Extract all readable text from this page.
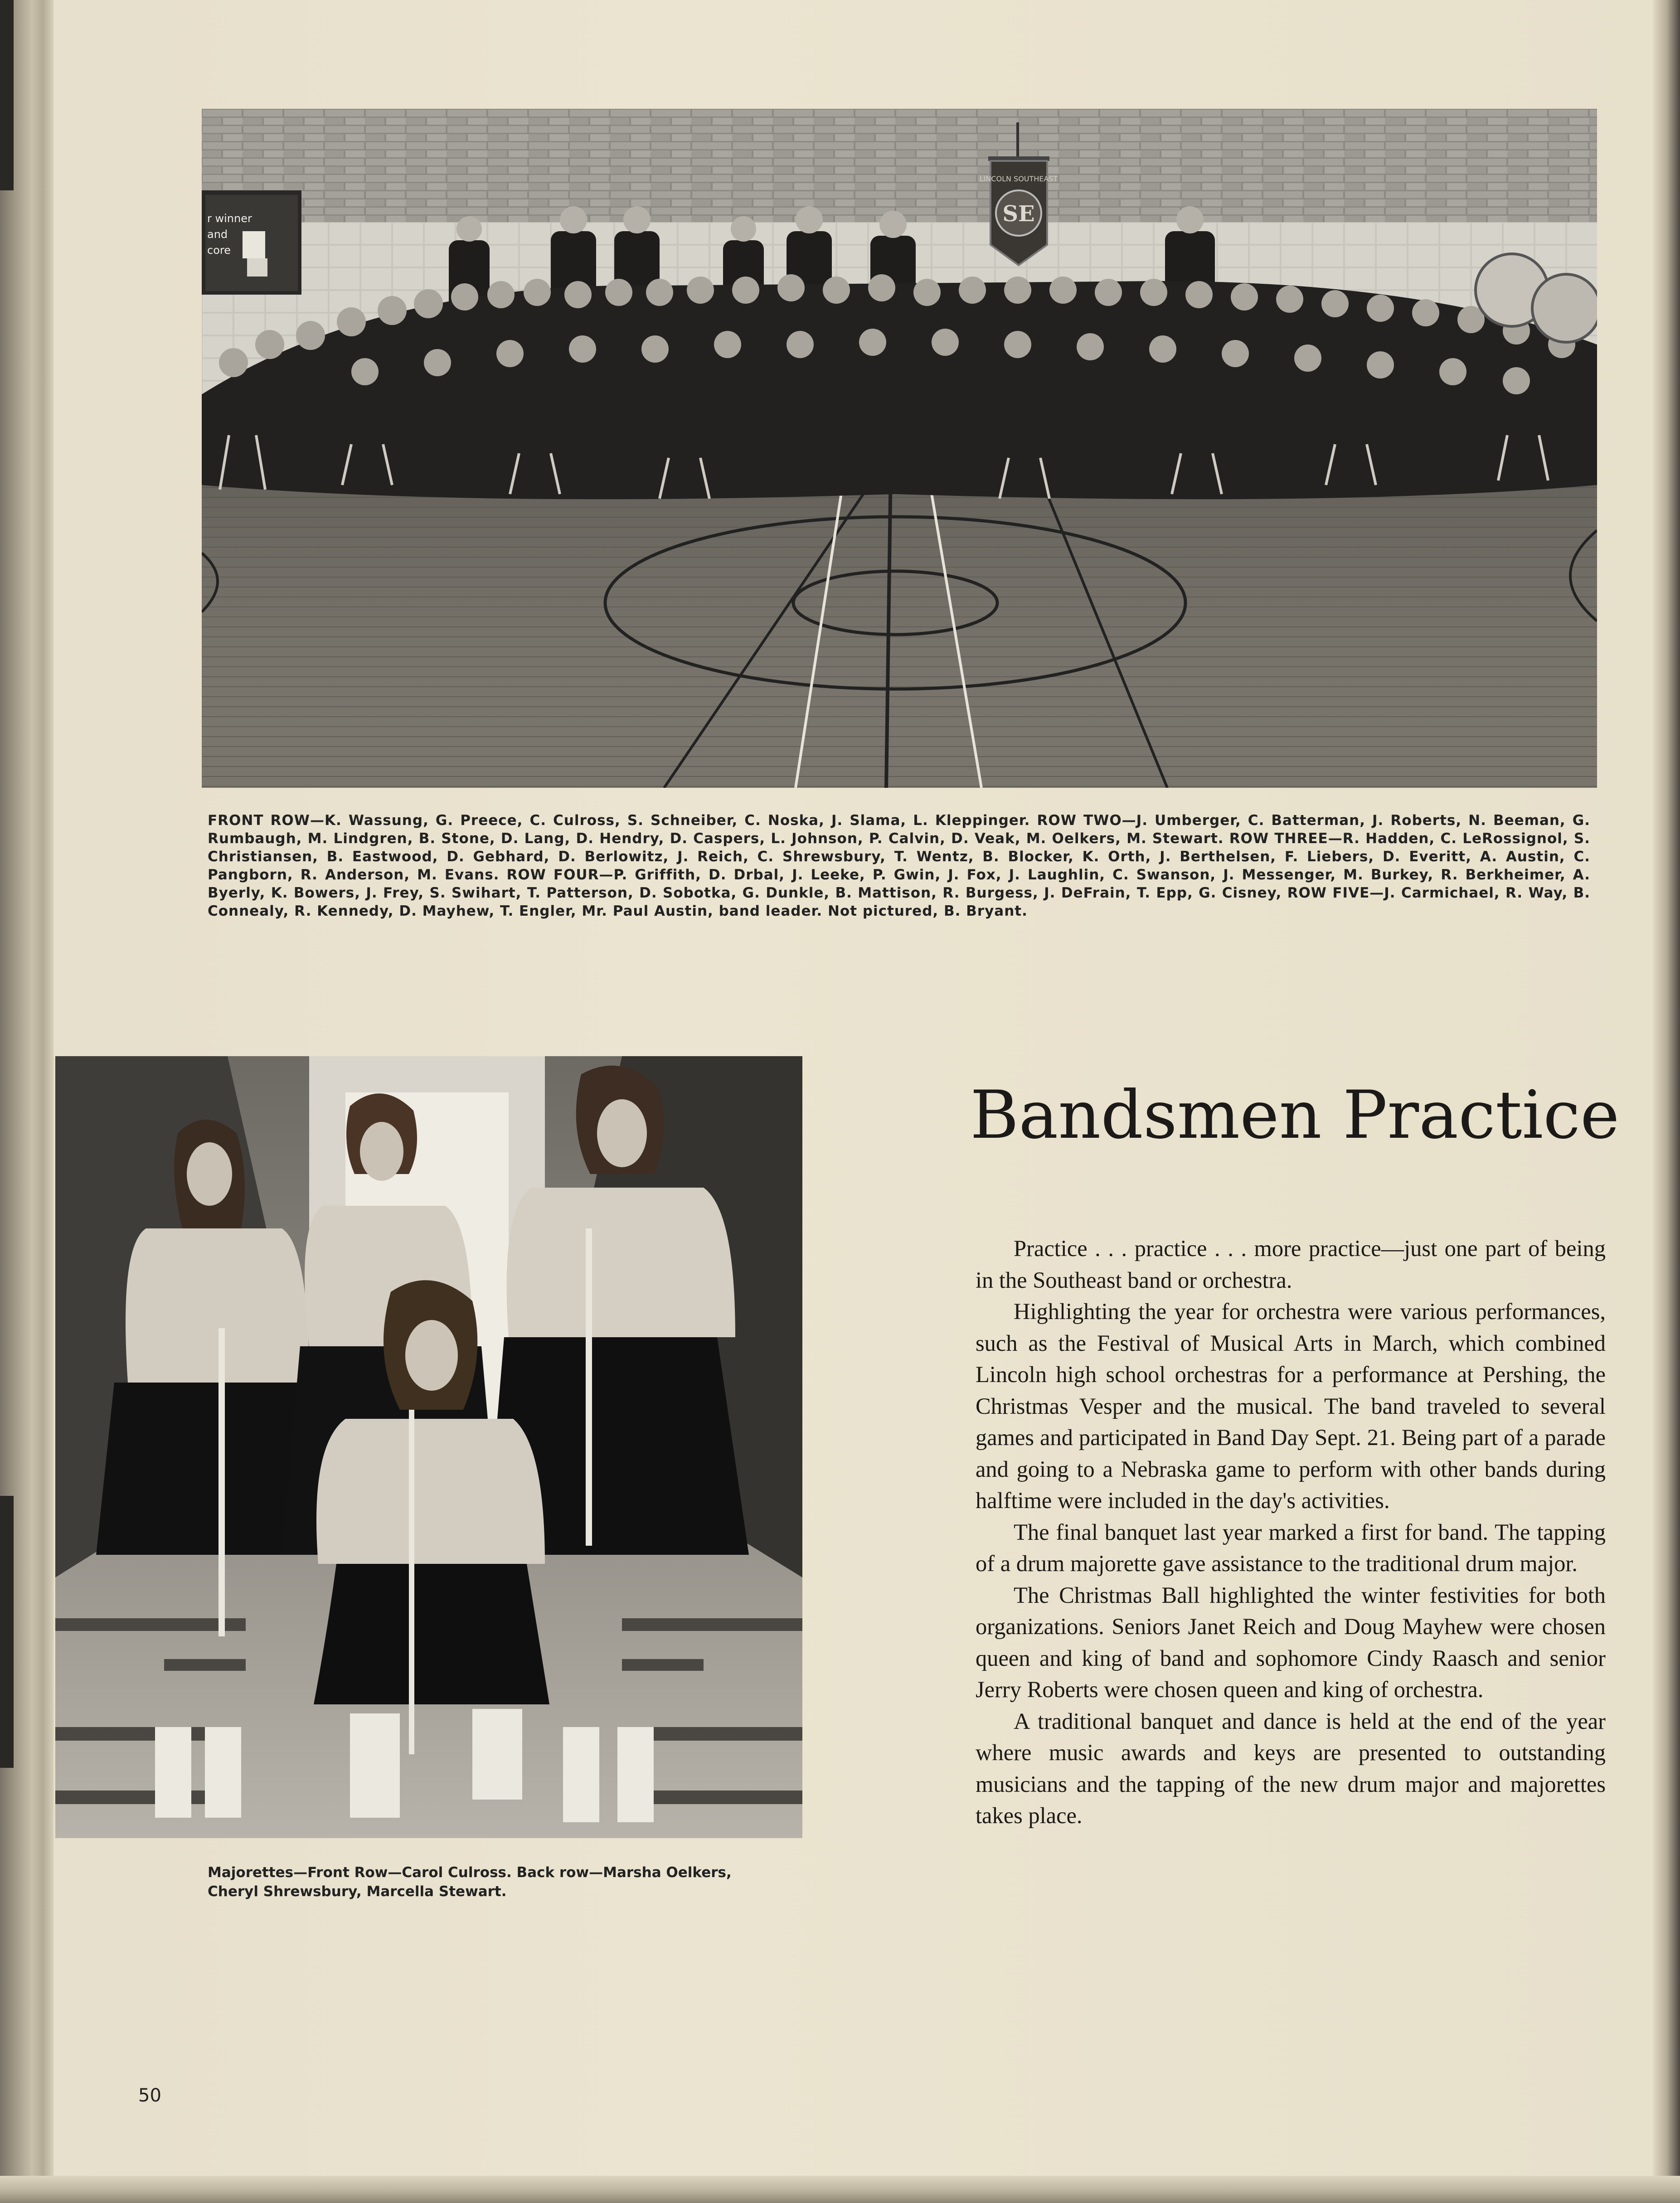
r winner
and
core
SE
LINCOLN SOUTHEAST
FRONT ROW—K. Wassung, G. Preece, C. Culross, S. Schneiber, C. Noska, J. Slama, L. Kleppinger. ROW TWO—J. Umberger, C. Batterman, J. Roberts, N. Beeman, G. Rumbaugh, M. Lindgren, B. Stone, D. Lang, D. Hendry, D. Caspers, L. Johnson, P. Calvin, D. Veak, M. Oelkers, M. Stewart. ROW THREE—R. Hadden, C. LeRossignol, S. Christiansen, B. Eastwood, D. Gebhard, D. Berlowitz, J. Reich, C. Shrewsbury, T. Wentz, B. Blocker, K. Orth, J. Berthelsen, F. Liebers, D. Everitt, A. Austin, C. Pangborn, R. Anderson, M. Evans. ROW FOUR—P. Griffith, D. Drbal, J. Leeke, P. Gwin, J. Fox, J. Laughlin, C. Swanson, J. Messenger, M. Burkey, R. Berkheimer, A. Byerly, K. Bowers, J. Frey, S. Swihart, T. Patterson, D. Sobotka, G. Dunkle, B. Mattison, R. Burgess, J. DeFrain, T. Epp, G. Cisney, ROW FIVE—J. Carmichael, R. Way, B. Connealy, R. Kennedy, D. Mayhew, T. Engler, Mr. Paul Austin, band leader. Not pictured, B. Bryant.
Majorettes—Front Row—Carol Culross. Back row—Marsha Oelkers, Cheryl Shrewsbury, Marcella Stewart.
Bandsmen Practice

Practice . . . practice . . . more practice—just one part of being in the Southeast band or orchestra.

Highlighting the year for orchestra were various performances, such as the Festival of Musical Arts in March, which combined Lincoln high school orchestras for a performance at Pershing, the Christmas Vesper and the musical. The band traveled to several games and participated in Band Day Sept. 21. Being part of a parade and going to a Nebraska game to perform with other bands during halftime were included in the day's activities.

The final banquet last year marked a first for band. The tapping of a drum majorette gave assistance to the traditional drum major.

The Christmas Ball highlighted the winter festivities for both organizations. Seniors Janet Reich and Doug Mayhew were chosen queen and king of band and sophomore Cindy Raasch and senior Jerry Roberts were chosen queen and king of orchestra.

A traditional banquet and dance is held at the end of the year where music awards and keys are presented to outstanding musicians and the tapping of the new drum major and majorettes takes place.

50
